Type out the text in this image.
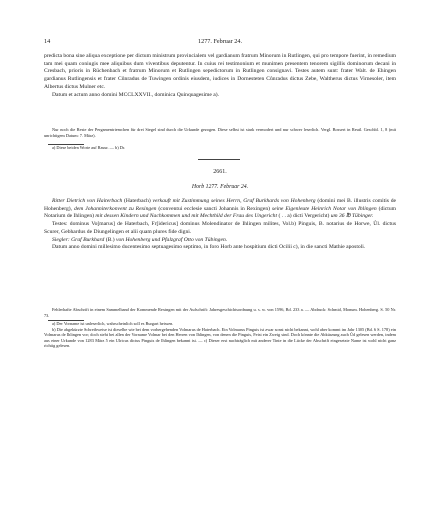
14	1277. Februar 24.

predicta bona sine aliqua exceptione per dictum ministrum provincialem vel gardianum fratrum Minorum in Rutlingen, qui pro tempore fuerint, in remedium tam mei quam coniugis mee aliquibus dum viventibus deputentur. In cuius rei testimonium et munimen presentem tenorem sigillis dominorum decani in Cresbach, prioris in Rüchenbach et fratrum Minorum et Rutlingen sepedictorum in Rutlingen consignavi. Testes autem sunt: frater Walt. de Ehingen gardianus Rutlingensis et frater Cůnradus de Tuwingen ordinis eiusdem, iudices in Dornesteten Cůnradus dictus Zebe, Waltherus dictus Virnesoler, item Albertus dictus Mulner etc.

Datum et actum anno domini MCCLXXVII., dominica Quinquagesime a).

Nur noch die Reste der Pergamentriemchen für drei Siegel sind durch die Urkunde gezogen. Diese selbst ist stark vermodert und nur schwer leserlich. Vergl. Bossert in Reutl. Geschbl. 1, 8 (mit unrichtigem Datum: 7. März).

a) Diese beiden Worte auf Rasur. — b) Dr.

2661.
Horb 1277. Februar 24.

Ritter Dietrich von Haiterbach (Haterbach) verkauft mit Zustimmung seines Herrn, Graf Burkhards von Hohenberg (domini mei B. illustris comitis de Hohenberg), dem Johanniterkonvent zu Rexingen (conventui ecclesie sancti Johannis in Rexingen) seine Eigenleute Heinrich Notar von Ihlingen (dictum Notarium de Ihlingen) mit dessen Kindern und Nachkommen und mit Mechthild der Frau des Ungericht ( . . a) dicti Vergericht) um 36 ℔ Tübinger.

Testes: dominus Vo[marus] de Haterbach, Fr[idericus] dominus Molendinator de Ihlingen milites, Vol.b) Pinguis, B. notarius de Horwe, Ůl. dictus Scurer, Gebhardus de Diungelingen et alii quam plures fide digni.

Siegler: Graf Burkhard (B.) von Hohenberg und Pfalzgraf Otto von Tübingen.

Datum anno domini millesimo ducentesimo septuagesimo septimo, in foro Horb ante hospitium dicti Ocilii c), in die sancti Mathie apostoli.

Fehlerhafte Abschrift in einem Sammelband der Kommende Rexingen mit der Aufschrift: Jahresgeschichtsordnung u. s. w. von 1596, Bd. 233 a. — Abdruck: Schmid, Monum. Hohenberg. S. 50 Nr. 73.

a) Der Vorname ist unleserlich, wahrscheinlich soll es Burgart heissen.

b) Die abgekürzte Schreibweise ist dieselbe wie bei dem vorhergehenden Volmarus de Haterbach. Ein Volmarus Pinguis ist zwar sonst nicht bekannt, wohl aber kommt im Jahr 1305 (Bd. 6 S. 178) ein Volmarus de Ihlingen vor; doch steht bei allen der Vorname Volmar bei den Herren von Ihlingen, von denen die Pinguis, Feist ein Zweig sind. Doch könnte die Abkürzung auch Ůd gelesen werden, indem aus einer Urkunde von 1283 März 5 ein Ulricus dictus Pinguis de Ihlingen bekannt ist. — c) Dieser erst nachträglich mit anderer Tinte in die Lücke der Abschrift eingesetzte Name ist wohl nicht ganz richtig gelesen.
